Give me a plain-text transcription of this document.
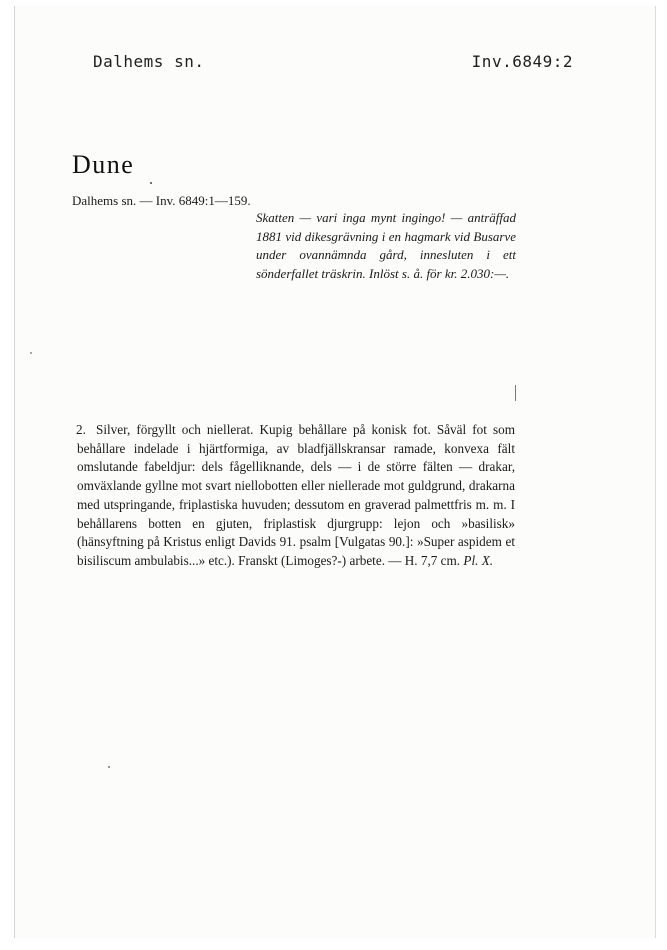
Dalhems sn.	Inv.6849:2
Dune
Dalhems sn. — Inv. 6849:1—159.
Skatten — vari inga mynt ingingo! — anträffad 1881 vid dikesgrävning i en hagmark vid Busarve under ovannämnda gård, innesluten i ett sönderfallet träskrin. Inlöst s. å. för kr. 2.030:—.
2. Silver, förgyllt och niellerat. Kupig behållare på konisk fot. Såväl fot som behållare indelade i hjärtformiga, av bladfjällskransar ramade, konvexa fält omslutande fabeldjur: dels fågelliknande, dels — i de större fälten — drakar, omväxlande gyllne mot svart niellobotten eller niellerade mot guldgrund, drakarna med utspringande, friplastiska huvuden; dessutom en graverad palmettfris m. m. I behållarens botten en gjuten, friplastisk djurgrupp: lejon och »basilisk» (hänsyftning på Kristus enligt Davids 91. psalm [Vulgatas 90.]: »Super aspidem et bisiliscum ambulabis...» etc.). Franskt (Limoges?-) arbete. — H. 7,7 cm. Pl. X.
